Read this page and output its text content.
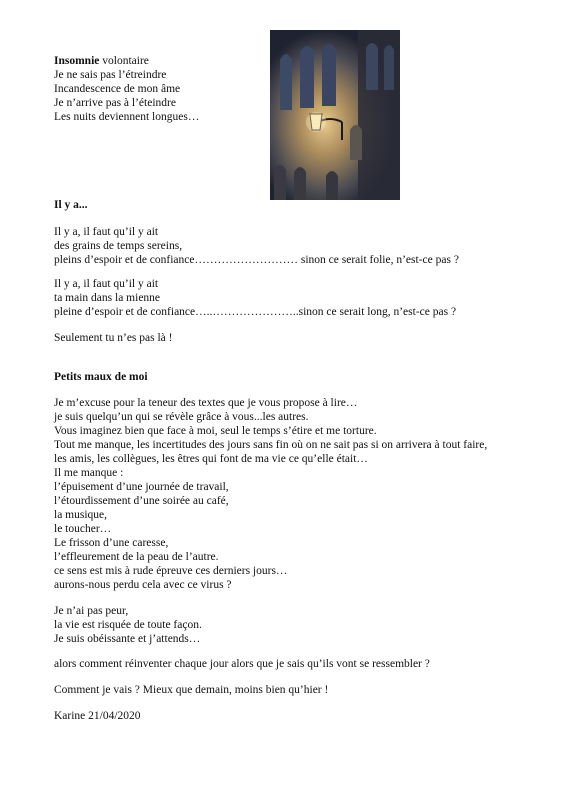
Insomnie volontaire
Je ne sais pas l’étreindre
Incandescence de mon âme
Je n’arrive pas à l’éteindre
Les nuits deviennent longues…
Il y a...
Il y a, il faut qu’il y ait
des grains de temps sereins,
pleins d’espoir et de confiance……………………… sinon ce serait folie, n’est-ce pas ?
Il y a, il faut qu’il y ait
ta main dans la mienne
pleine d’espoir et de confiance…..…………………..sinon ce serait long, n’est-ce pas ?
Seulement tu n’es pas là !
Petits maux de moi
Je m’excuse pour la teneur des textes que je vous propose à lire…
je suis quelqu’un qui se révèle grâce à vous...les autres.
Vous imaginez bien que face à moi, seul le temps s’étire et me torture.
Tout me manque, les incertitudes des jours sans fin où on ne sait pas si on arrivera à tout faire,
les amis, les collègues, les êtres qui font de ma vie ce qu’elle était…
Il me manque :
l’épuisement d’une journée de travail,
l’étourdissement d’une soirée au café,
la musique,
le toucher…
Le frisson d’une caresse,
l’effleurement de la peau de l’autre.
ce sens est mis à rude épreuve ces derniers jours…
aurons-nous perdu cela avec ce virus ?
Je n’ai pas peur,
la vie est risquée de toute façon.
Je suis obéissante et j’attends…
alors comment réinventer chaque jour alors que je sais qu’ils vont se ressembler ?
Comment je vais ? Mieux que demain, moins bien qu’hier !
Karine 21/04/2020
